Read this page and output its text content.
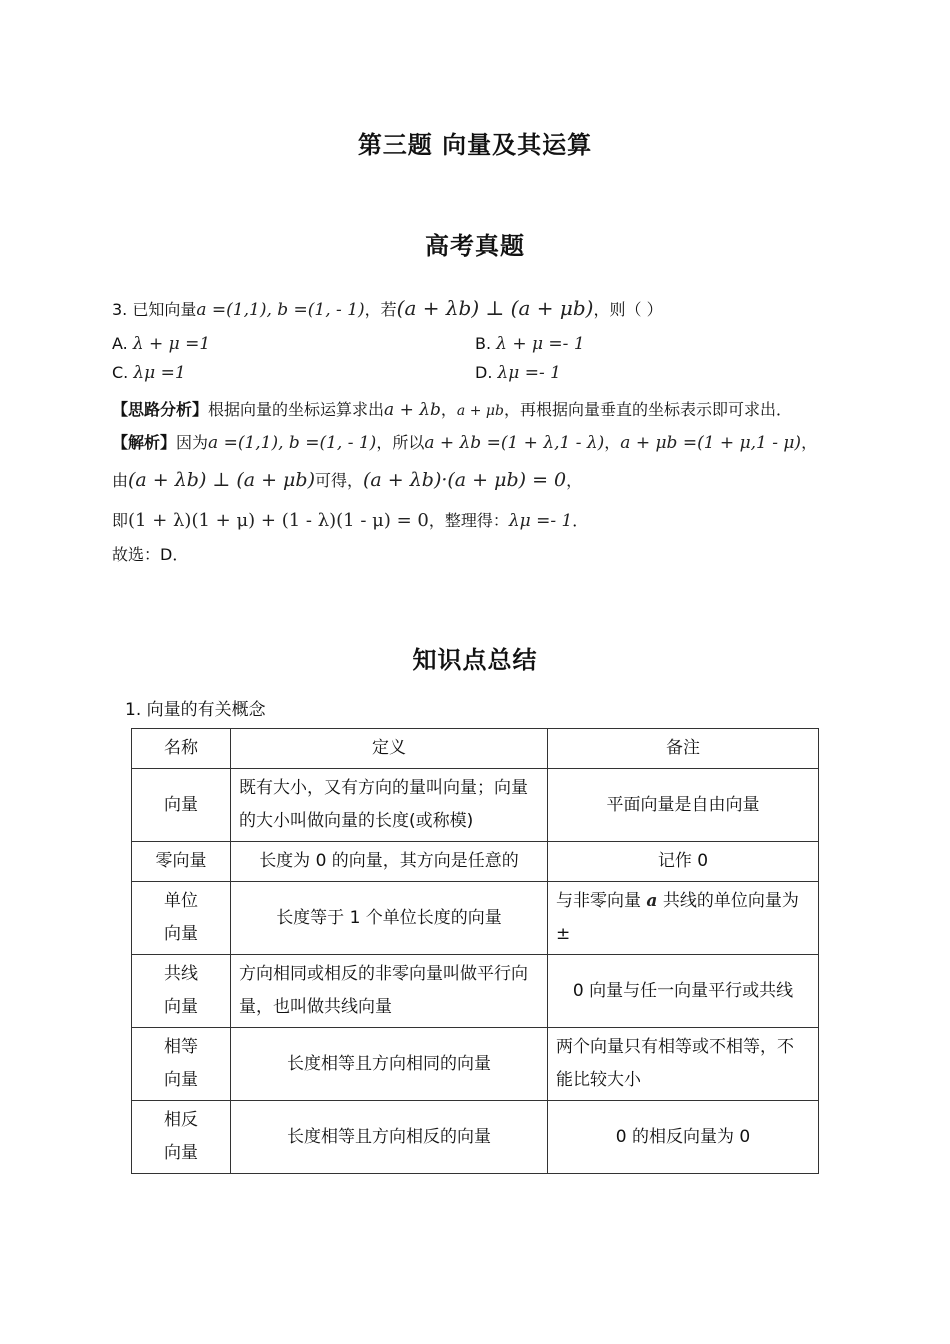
第三题 向量及其运算
高考真题
3. 已知向量a =(1,1), b =(1, - 1)，若(a + λb) ⊥ (a + μb)，则（ ）
A. λ + μ =1	B. λ + μ =- 1
C. λμ =1	D. λμ =- 1
【思路分析】根据向量的坐标运算求出a + λb，a + μb，再根据向量垂直的坐标表示即可求出．
【解析】因为a =(1,1), b =(1, - 1)，所以a + λb =(1 + λ,1 - λ)，a + μb =(1 + μ,1 - μ)，
由(a + λb) ⊥ (a + μb)可得，(a + λb)·(a + μb) = 0，
即(1 + λ)(1 + μ) + (1 - λ)(1 - μ) = 0，整理得：λμ =- 1．
故选：D．
知识点总结
1. 向量的有关概念
名称	定义	备注
向量	既有大小，又有方向的量叫向量；向量的大小叫做向量的长度(或称模)	平面向量是自由向量
零向量	长度为 0 的向量，其方向是任意的	记作 0
单位向量	长度等于 1 个单位长度的向量	与非零向量 a 共线的单位向量为±
共线向量	方向相同或相反的非零向量叫做平行向量，也叫做共线向量	0 向量与任一向量平行或共线
相等向量	长度相等且方向相同的向量	两个向量只有相等或不相等，不能比较大小
相反向量	长度相等且方向相反的向量	0 的相反向量为 0
